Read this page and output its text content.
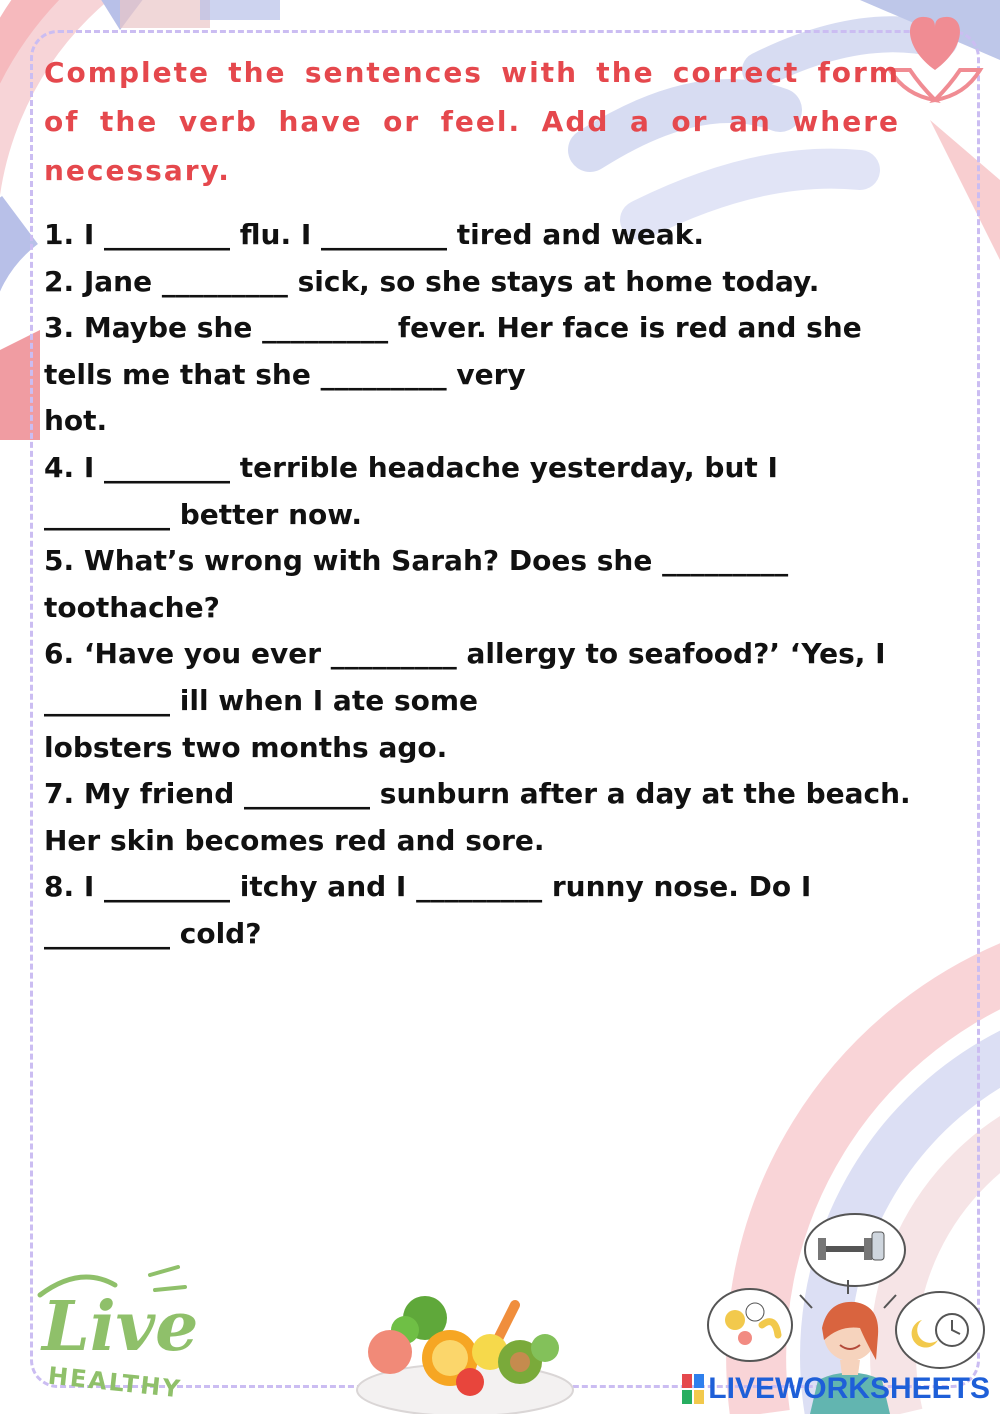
Complete the sentences with the correct form of the verb have or feel. Add a or an where necessary.
1. I _________ flu. I _________ tired and weak.
2. Jane _________ sick, so she stays at home today.
3. Maybe she _________ fever. Her face is red and she
tells me that she _________ very
hot.
4. I _________ terrible headache yesterday, but I
_________ better now.
5. What’s wrong with Sarah? Does she _________
toothache?
6. ‘Have you ever _________ allergy to seafood?’ ‘Yes, I
_________ ill when I ate some
lobsters two months ago.
7. My friend _________ sunburn after a day at the beach.
Her skin becomes red and sore.
8. I _________ itchy and I _________ runny nose. Do I
_________ cold?
Live
HEALTHY	LIVEWORKSHEETS
